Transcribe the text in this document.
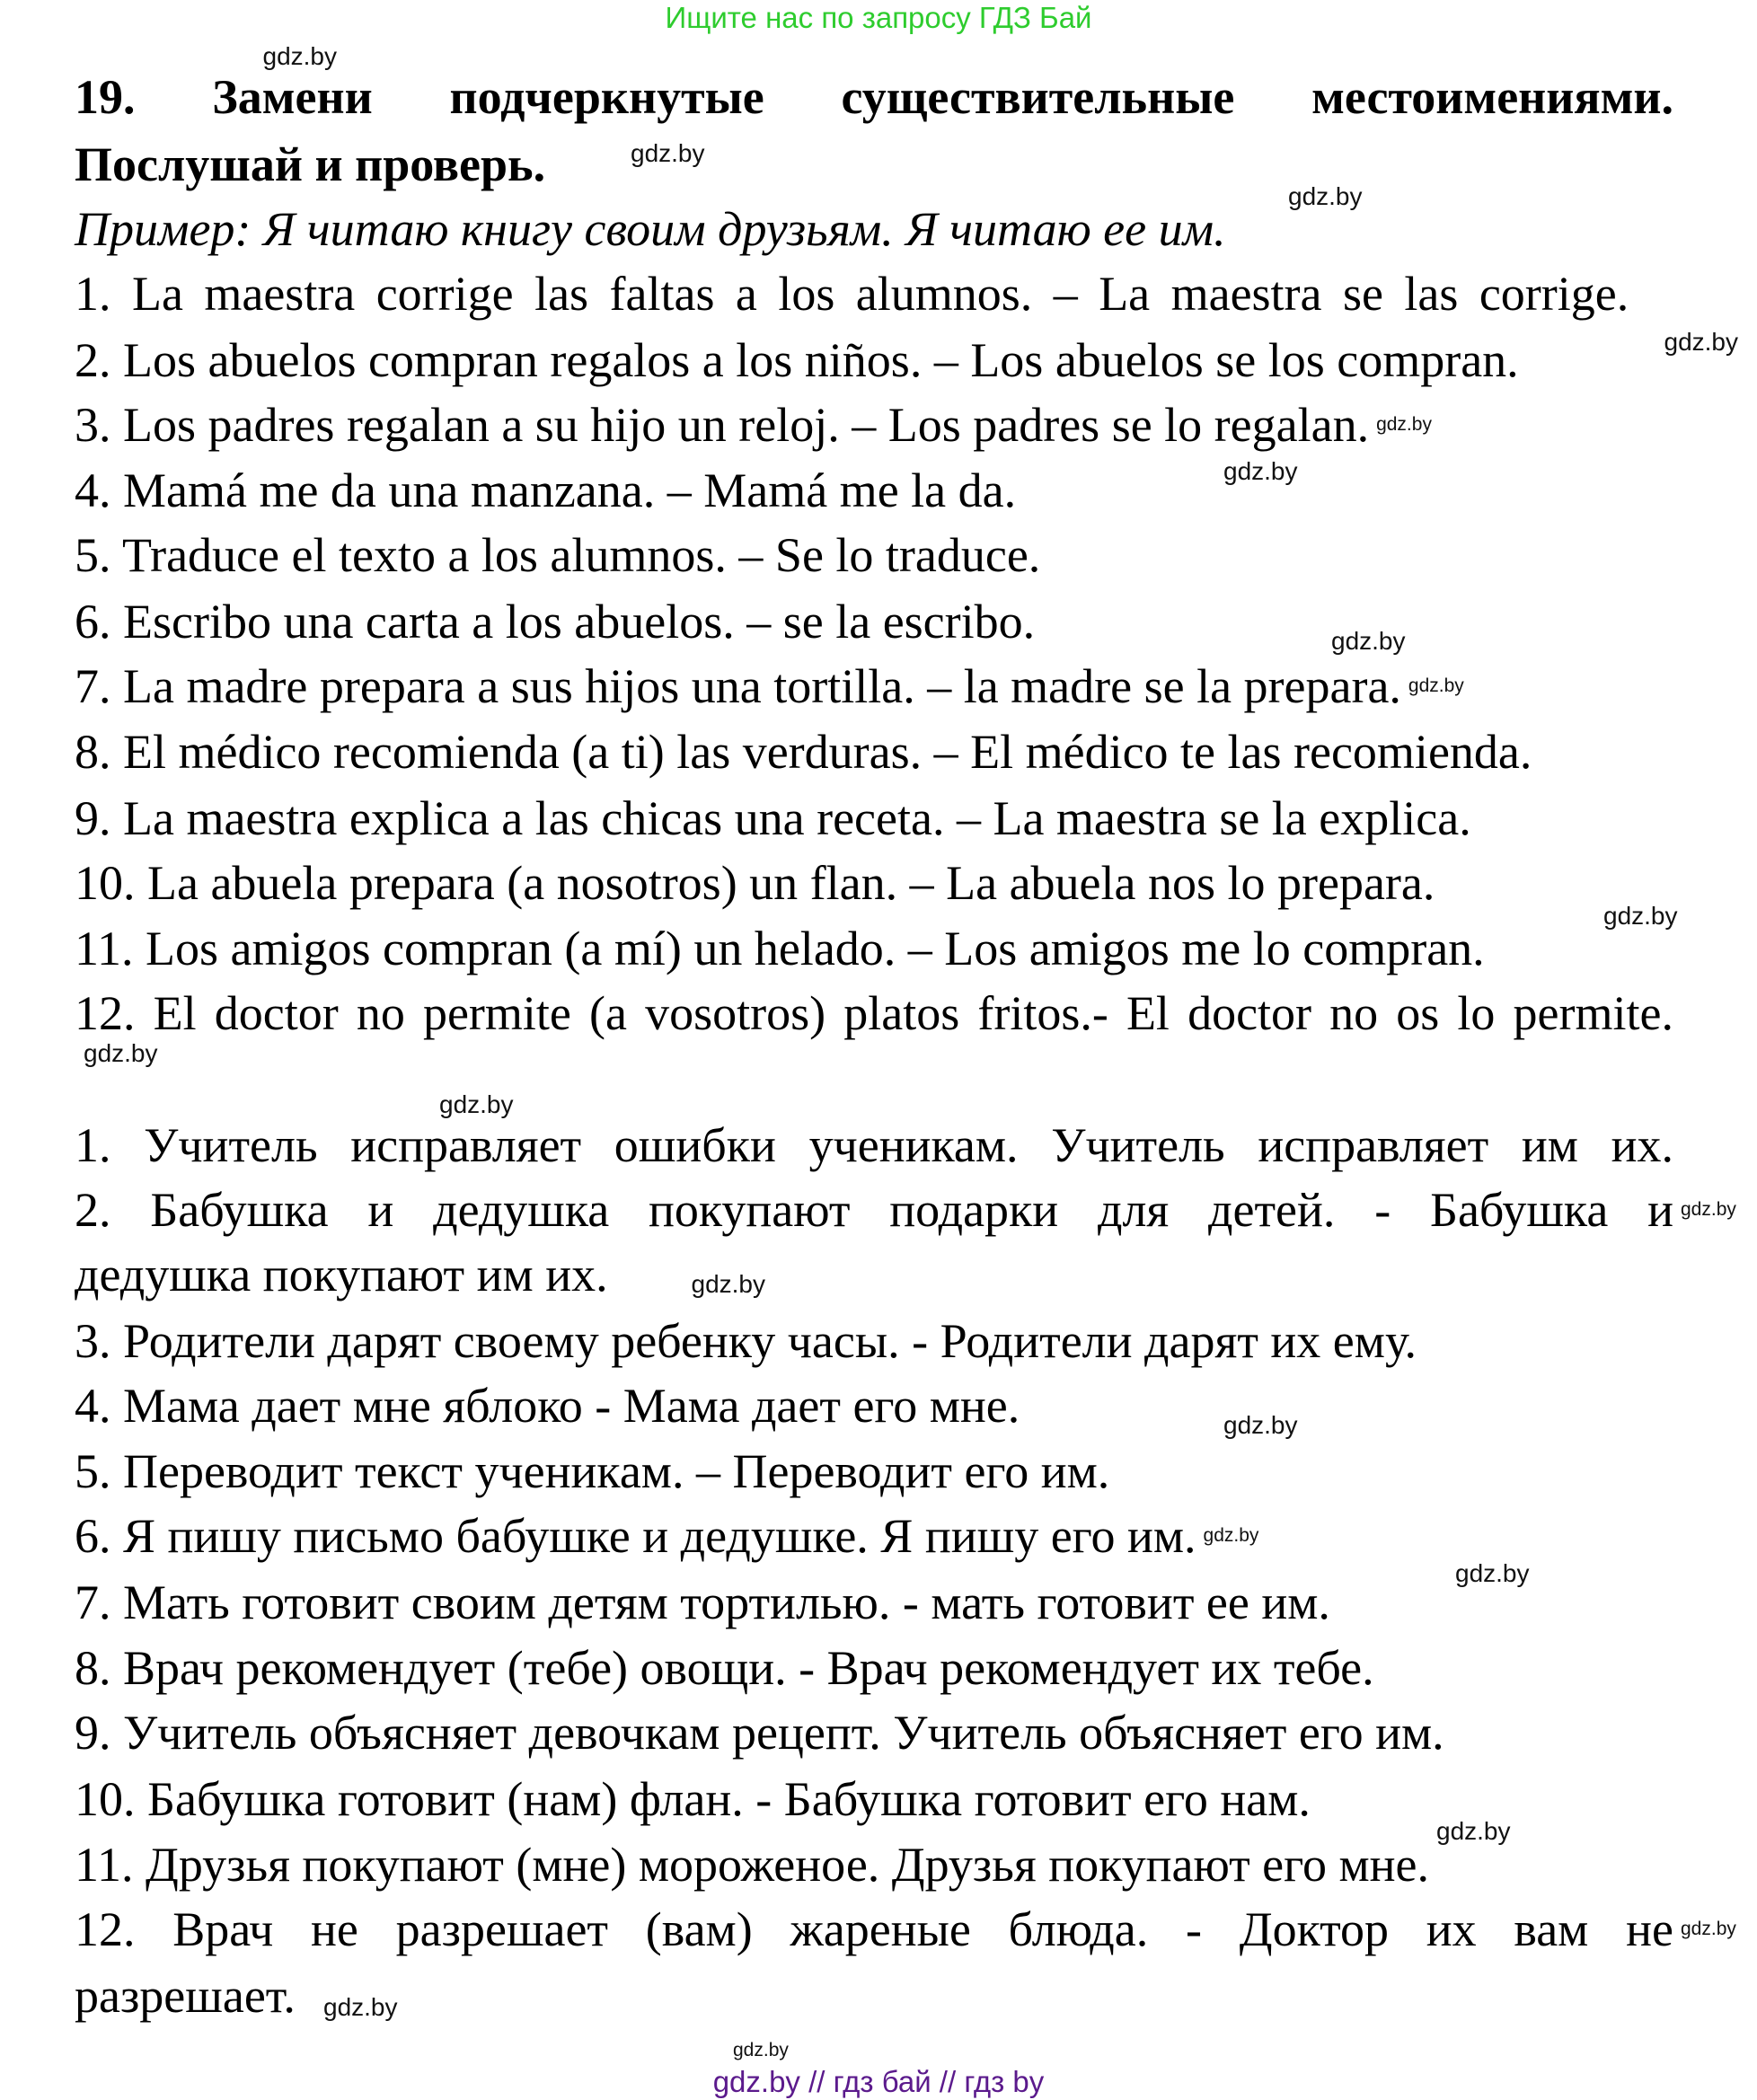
Ищите нас по запросу ГДЗ Бай
19. Замени подчеркнутые существительные местоимениями.
Послушай и проверь.
Пример: Я читаю книгу своим друзьям. Я читаю ее им.
1. La maestra corrige las faltas a los alumnos. – La maestra se las corrige.
2. Los abuelos compran regalos a los niños. – Los abuelos se los compran.
3. Los padres regalan a su hijo un reloj. – Los padres se lo regalan.
4. Mamá me da una manzana. – Mamá me la da.
5. Traduce el texto a los alumnos. – Se lo traduce.
6. Escribo una carta a los abuelos. – se la escribo.
7. La madre prepara a sus hijos una tortilla. – la madre se la prepara.
8. El médico recomienda (a ti) las verduras. – El médico te las recomienda.
9. La maestra explica a las chicas una receta. – La maestra se la explica.
10. La abuela prepara (a nosotros) un flan. – La abuela nos lo prepara.
11. Los amigos compran (a mí) un helado. – Los amigos me lo compran.
12. El doctor no permite (a vosotros) platos fritos.- El doctor no os lo permite.
1. Учитель исправляет ошибки ученикам. Учитель исправляет им их.
2. Бабушка и дедушка покупают подарки для детей. - Бабушка и
дедушка покупают им их.
3. Родители дарят своему ребенку часы. - Родители дарят их ему.
4. Мама дает мне яблоко - Мама дает его мне.
5. Переводит текст ученикам. – Переводит его им.
6. Я пишу письмо бабушке и дедушке. Я пишу его им.
7. Мать готовит своим детям тортилью. - мать готовит ее им.
8. Врач рекомендует (тебе) овощи. - Врач рекомендует их тебе.
9. Учитель объясняет девочкам рецепт. Учитель объясняет его им.
10. Бабушка готовит (нам) флан. - Бабушка готовит его нам.
11. Друзья покупают (мне) мороженое. Друзья покупают его мне.
12. Врач не разрешает (вам) жареные блюда. - Доктор их вам не
разрешает.
gdz.by
gdz.by
gdz.by
gdz.by
gdz.by
gdz.by
gdz.by
gdz.by
gdz.by
gdz.by
gdz.by
gdz.by
gdz.by
gdz.by
gdz.by
gdz.by
gdz.by
gdz.by
gdz.by
gdz.by
gdz.by // гдз бай // гдз by
